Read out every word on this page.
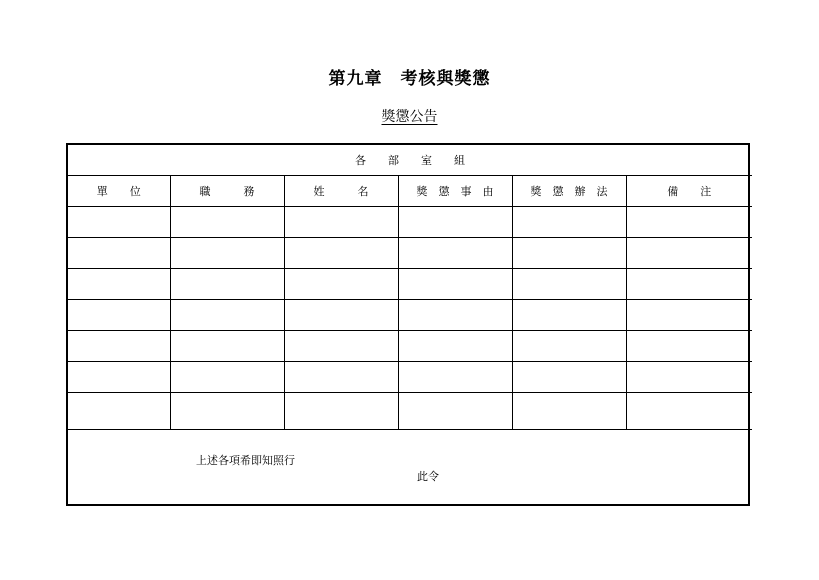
第九章 考核與獎懲
獎懲公告
各　　部　　室　　組					
單　　位	職　　　務	姓　　　名	獎　懲　事　由	獎　懲　辦　法	備　　注

上述各項希即知照行
此令
